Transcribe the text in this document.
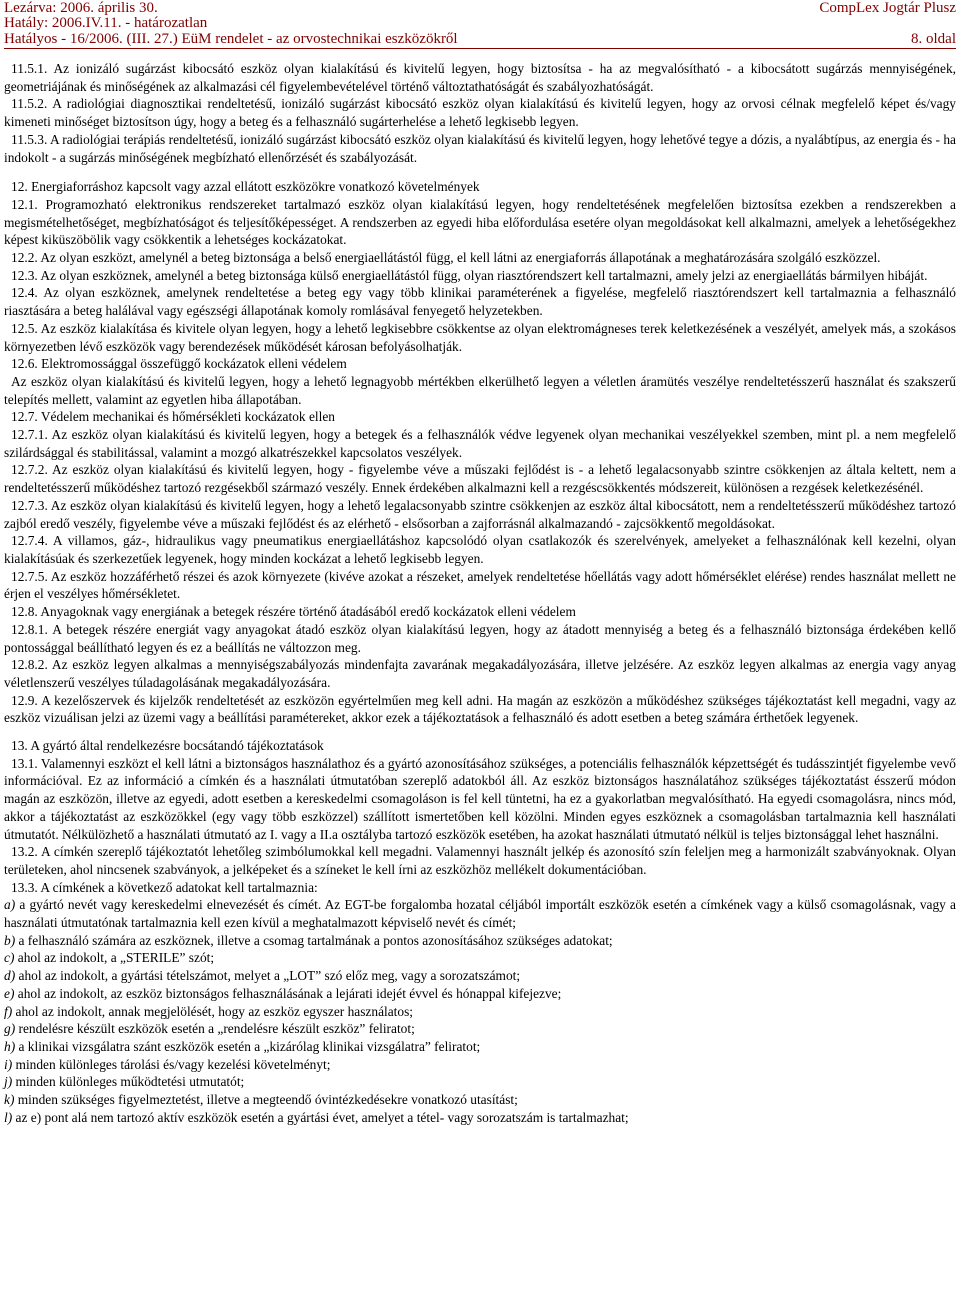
Lezárva: 2006. április 30.	CompLex Jogtár Plusz
Hatály: 2006.IV.11. - határozatlan
Hatályos - 16/2006. (III. 27.) EüM rendelet - az orvostechnikai eszközökről	8. oldal

11.5.1. Az ionizáló sugárzást kibocsátó eszköz olyan kialakítású és kivitelű legyen, hogy biztosítsa - ha az megvalósítható - a kibocsátott sugárzás mennyiségének, geometriájának és minőségének az alkalmazási cél figyelembevételével történő változtathatóságát és szabályozhatóságát.

11.5.2. A radiológiai diagnosztikai rendeltetésű, ionizáló sugárzást kibocsátó eszköz olyan kialakítású és kivitelű legyen, hogy az orvosi célnak megfelelő képet és/vagy kimeneti minőséget biztosítson úgy, hogy a beteg és a felhasználó sugárterhelése a lehető legkisebb legyen.

11.5.3. A radiológiai terápiás rendeltetésű, ionizáló sugárzást kibocsátó eszköz olyan kialakítású és kivitelű legyen, hogy lehetővé tegye a dózis, a nyalábtípus, az energia és - ha indokolt - a sugárzás minőségének megbízható ellenőrzését és szabályozását.

12. Energiaforráshoz kapcsolt vagy azzal ellátott eszközökre vonatkozó követelmények

12.1. Programozható elektronikus rendszereket tartalmazó eszköz olyan kialakítású legyen, hogy rendeltetésének megfelelően biztosítsa ezekben a rendszerekben a megismételhetőséget, megbízhatóságot és teljesítőképességet. A rendszerben az egyedi hiba előfordulása esetére olyan megoldásokat kell alkalmazni, amelyek a lehetőségekhez képest kiküszöbölik vagy csökkentik a lehetséges kockázatokat.

12.2. Az olyan eszközt, amelynél a beteg biztonsága a belső energiaellátástól függ, el kell látni az energiaforrás állapotának a meghatározására szolgáló eszközzel.

12.3. Az olyan eszköznek, amelynél a beteg biztonsága külső energiaellátástól függ, olyan riasztórendszert kell tartalmazni, amely jelzi az energiaellátás bármilyen hibáját.

12.4. Az olyan eszköznek, amelynek rendeltetése a beteg egy vagy több klinikai paraméterének a figyelése, megfelelő riasztórendszert kell tartalmaznia a felhasználó riasztására a beteg halálával vagy egészségi állapotának komoly romlásával fenyegető helyzetekben.

12.5. Az eszköz kialakítása és kivitele olyan legyen, hogy a lehető legkisebbre csökkentse az olyan elektromágneses terek keletkezésének a veszélyét, amelyek más, a szokásos környezetben lévő eszközök vagy berendezések működését károsan befolyásolhatják.

12.6. Elektromossággal összefüggő kockázatok elleni védelem

Az eszköz olyan kialakítású és kivitelű legyen, hogy a lehető legnagyobb mértékben elkerülhető legyen a véletlen áramütés veszélye rendeltetésszerű használat és szakszerű telepítés mellett, valamint az egyetlen hiba állapotában.

12.7. Védelem mechanikai és hőmérsékleti kockázatok ellen

12.7.1. Az eszköz olyan kialakítású és kivitelű legyen, hogy a betegek és a felhasználók védve legyenek olyan mechanikai veszélyekkel szemben, mint pl. a nem megfelelő szilárdsággal és stabilitással, valamint a mozgó alkatrészekkel kapcsolatos veszélyek.

12.7.2. Az eszköz olyan kialakítású és kivitelű legyen, hogy - figyelembe véve a műszaki fejlődést is - a lehető legalacsonyabb szintre csökkenjen az általa keltett, nem a rendeltetésszerű működéshez tartozó rezgésekből származó veszély. Ennek érdekében alkalmazni kell a rezgéscsökkentés módszereit, különösen a rezgések keletkezésénél.

12.7.3. Az eszköz olyan kialakítású és kivitelű legyen, hogy a lehető legalacsonyabb szintre csökkenjen az eszköz által kibocsátott, nem a rendeltetésszerű működéshez tartozó zajból eredő veszély, figyelembe véve a műszaki fejlődést és az elérhető - elsősorban a zajforrásnál alkalmazandó - zajcsökkentő megoldásokat.

12.7.4. A villamos, gáz-, hidraulikus vagy pneumatikus energiaellátáshoz kapcsolódó olyan csatlakozók és szerelvények, amelyeket a felhasználónak kell kezelni, olyan kialakításúak és szerkezetűek legyenek, hogy minden kockázat a lehető legkisebb legyen.

12.7.5. Az eszköz hozzáférhető részei és azok környezete (kivéve azokat a részeket, amelyek rendeltetése hőellátás vagy adott hőmérséklet elérése) rendes használat mellett ne érjen el veszélyes hőmérsékletet.

12.8. Anyagoknak vagy energiának a betegek részére történő átadásából eredő kockázatok elleni védelem

12.8.1. A betegek részére energiát vagy anyagokat átadó eszköz olyan kialakítású legyen, hogy az átadott mennyiség a beteg és a felhasználó biztonsága érdekében kellő pontossággal beállítható legyen és ez a beállítás ne változzon meg.

12.8.2. Az eszköz legyen alkalmas a mennyiségszabályozás mindenfajta zavarának megakadályozására, illetve jelzésére. Az eszköz legyen alkalmas az energia vagy anyag véletlenszerű veszélyes túladagolásának megakadályozására.

12.9. A kezelőszervek és kijelzők rendeltetését az eszközön egyértelműen meg kell adni. Ha magán az eszközön a működéshez szükséges tájékoztatást kell megadni, vagy az eszköz vizuálisan jelzi az üzemi vagy a beállítási paramétereket, akkor ezek a tájékoztatások a felhasználó és adott esetben a beteg számára érthetőek legyenek.

13. A gyártó által rendelkezésre bocsátandó tájékoztatások

13.1. Valamennyi eszközt el kell látni a biztonságos használathoz és a gyártó azonosításához szükséges, a potenciális felhasználók képzettségét és tudásszintjét figyelembe vevő információval. Ez az információ a címkén és a használati útmutatóban szereplő adatokból áll. Az eszköz biztonságos használatához szükséges tájékoztatást ésszerű módon magán az eszközön, illetve az egyedi, adott esetben a kereskedelmi csomagoláson is fel kell tüntetni, ha ez a gyakorlatban megvalósítható. Ha egyedi csomagolásra, nincs mód, akkor a tájékoztatást az eszközökkel (egy vagy több eszközzel) szállított ismertetőben kell közölni. Minden egyes eszköznek a csomagolásban tartalmaznia kell használati útmutatót. Nélkülözhető a használati útmutató az I. vagy a II.a osztályba tartozó eszközök esetében, ha azokat használati útmutató nélkül is teljes biztonsággal lehet használni.

13.2. A címkén szereplő tájékoztatót lehetőleg szimbólumokkal kell megadni. Valamennyi használt jelkép és azonosító szín feleljen meg a harmonizált szabványoknak. Olyan területeken, ahol nincsenek szabványok, a jelképeket és a színeket le kell írni az eszközhöz mellékelt dokumentációban.

13.3. A címkének a következő adatokat kell tartalmaznia:

a) a gyártó nevét vagy kereskedelmi elnevezését és címét. Az EGT-be forgalomba hozatal céljából importált eszközök esetén a címkének vagy a külső csomagolásnak, vagy a használati útmutatónak tartalmaznia kell ezen kívül a meghatalmazott képviselő nevét és címét;

b) a felhasználó számára az eszköznek, illetve a csomag tartalmának a pontos azonosításához szükséges adatokat;

c) ahol az indokolt, a „STERILE” szót;

d) ahol az indokolt, a gyártási tételszámot, melyet a „LOT” szó előz meg, vagy a sorozatszámot;

e) ahol az indokolt, az eszköz biztonságos felhasználásának a lejárati idejét évvel és hónappal kifejezve;

f) ahol az indokolt, annak megjelölését, hogy az eszköz egyszer használatos;

g) rendelésre készült eszközök esetén a „rendelésre készült eszköz” feliratot;

h) a klinikai vizsgálatra szánt eszközök esetén a „kizárólag klinikai vizsgálatra” feliratot;

i) minden különleges tárolási és/vagy kezelési követelményt;

j) minden különleges működtetési utmutatót;

k) minden szükséges figyelmeztetést, illetve a megteendő óvintézkedésekre vonatkozó utasítást;

l) az e) pont alá nem tartozó aktív eszközök esetén a gyártási évet, amelyet a tétel- vagy sorozatszám is tartalmazhat;
